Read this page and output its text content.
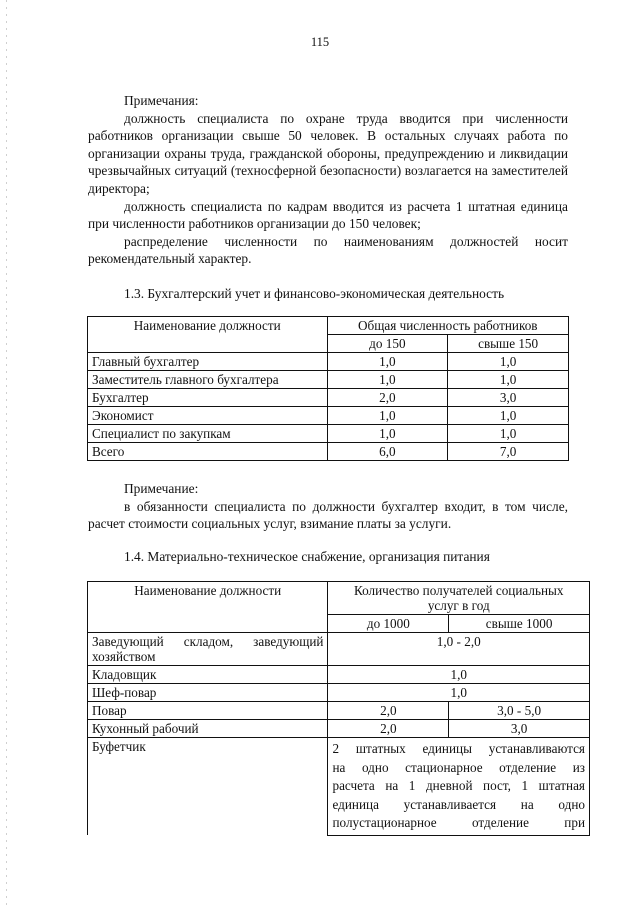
115

Примечания:

должность специалиста по охране труда вводится при численности работников организации свыше 50 человек. В остальных случаях работа по организации охраны труда, гражданской обороны, предупреждению и ликвидации чрезвычайных ситуаций (техносферной безопасности) возлагается на заместителей директора;

должность специалиста по кадрам вводится из расчета 1 штатная единица при численности работников организации до 150 человек;

распределение численности по наименованиям должностей носит рекомендательный характер.

1.3. Бухгалтерский учет и финансово-экономическая деятельность
Наименование должности	Общая численность работников	
	до 150	свыше 150
Главный бухгалтер	1,0	1,0
Заместитель главного бухгалтера	1,0	1,0
Бухгалтер	2,0	3,0
Экономист	1,0	1,0
Специалист по закупкам	1,0	1,0
Всего	6,0	7,0

Примечание:

в обязанности специалиста по должности бухгалтер входит, в том числе, расчет стоимости социальных услуг, взимание платы за услуги.

1.4. Материально-техническое снабжение, организация питания
Наименование должности	Количество получателей социальных
услуг в год	
	до 1000	свыше 1000

Заведующий складом, заведующий
хозяйством	1,0 - 2,0	
Кладовщик	1,0	
Шеф-повар	1,0	
Повар	2,0	3,0 - 5,0
Кухонный рабочий	2,0	3,0
Буфетчик	2 штатных единицы устанавливаются
на одно стационарное отделение из
расчета на 1 дневной пост, 1 штатная
единица устанавливается на одно
полустационарное отделение при	
